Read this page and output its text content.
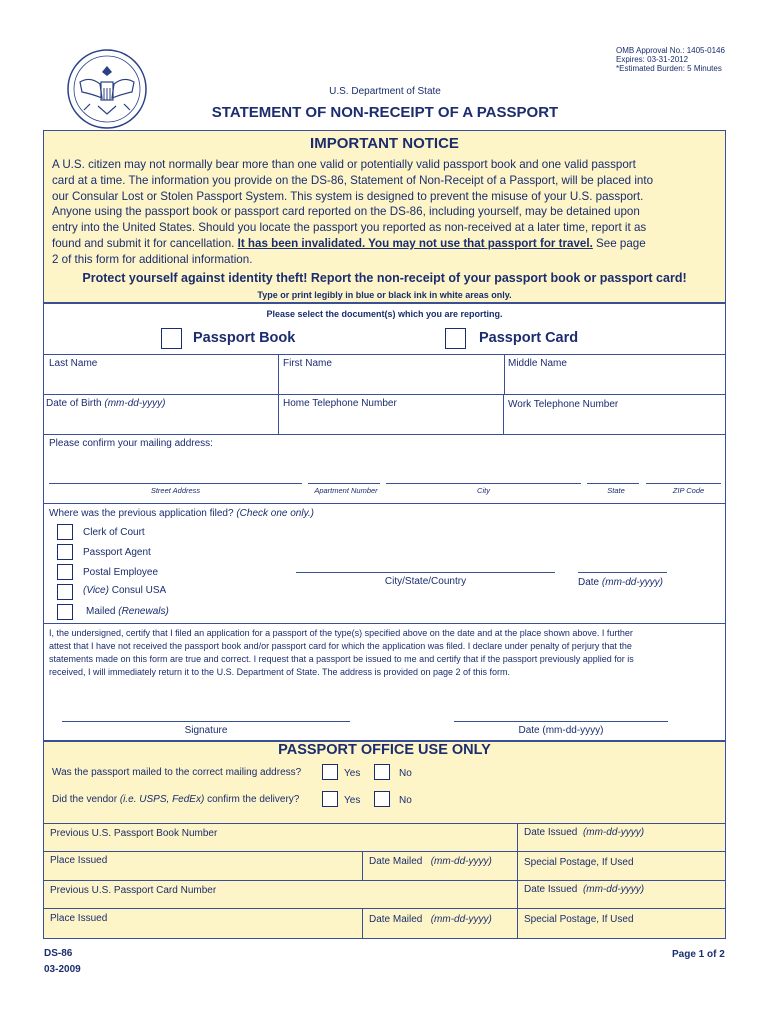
OMB Approval No.: 1405-0146
Expires: 03-31-2012
*Estimated Burden: 5 Minutes
U.S. Department of State
STATEMENT OF NON-RECEIPT OF A PASSPORT
IMPORTANT NOTICE
A U.S. citizen may not normally bear more than one valid or potentially valid passport book and one valid passport
card at a time. The information you provide on the DS-86, Statement of Non-Receipt of a Passport, will be placed into
our Consular Lost or Stolen Passport System. This system is designed to prevent the misuse of your U.S. passport.
Anyone using the passport book or passport card reported on the DS-86, including yourself, may be detained upon
entry into the United States. Should you locate the passport you reported as non-received at a later time, report it as
found and submit it for cancellation. It has been invalidated. You may not use that passport for travel. See page
2 of this form for additional information.
Protect yourself against identity theft! Report the non-receipt of your passport book or passport card!
Type or print legibly in blue or black ink in white areas only.
Please select the document(s) which you are reporting.
Passport Book	Passport Card
Last Name	First Name	Middle Name
Date of Birth (mm-dd-yyyy)	Home Telephone Number	Work Telephone Number
Please confirm your mailing address:
Street Address	Apartment Number	City	State	ZIP Code
Where was the previous application filed? (Check one only.)
Clerk of Court
Passport Agent
Postal Employee
(Vice) Consul USA
Mailed (Renewals)
City/State/Country	Date (mm-dd-yyyy)
I, the undersigned, certify that I filed an application for a passport of the type(s) specified above on the date and at the place shown above. I further
attest that I have not received the passport book and/or passport card for which the application was filed. I declare under penalty of perjury that the
statements made on this form are true and correct. I request that a passport be issued to me and certify that if the passport previously applied for is
received, I will immediately return it to the U.S. Department of State. The address is provided on page 2 of this form.
Signature	Date (mm-dd-yyyy)
PASSPORT OFFICE USE ONLY
Was the passport mailed to the correct mailing address?	Yes	No
Did the vendor (i.e. USPS, FedEx) confirm the delivery?	Yes	No
Previous U.S. Passport Book Number	Date Issued (mm-dd-yyyy)
Place Issued	Date Mailed (mm-dd-yyyy)	Special Postage, If Used
Previous U.S. Passport Card Number	Date Issued (mm-dd-yyyy)
Place Issued	Date Mailed (mm-dd-yyyy)	Special Postage, If Used
DS-86
03-2009
Page 1 of 2
